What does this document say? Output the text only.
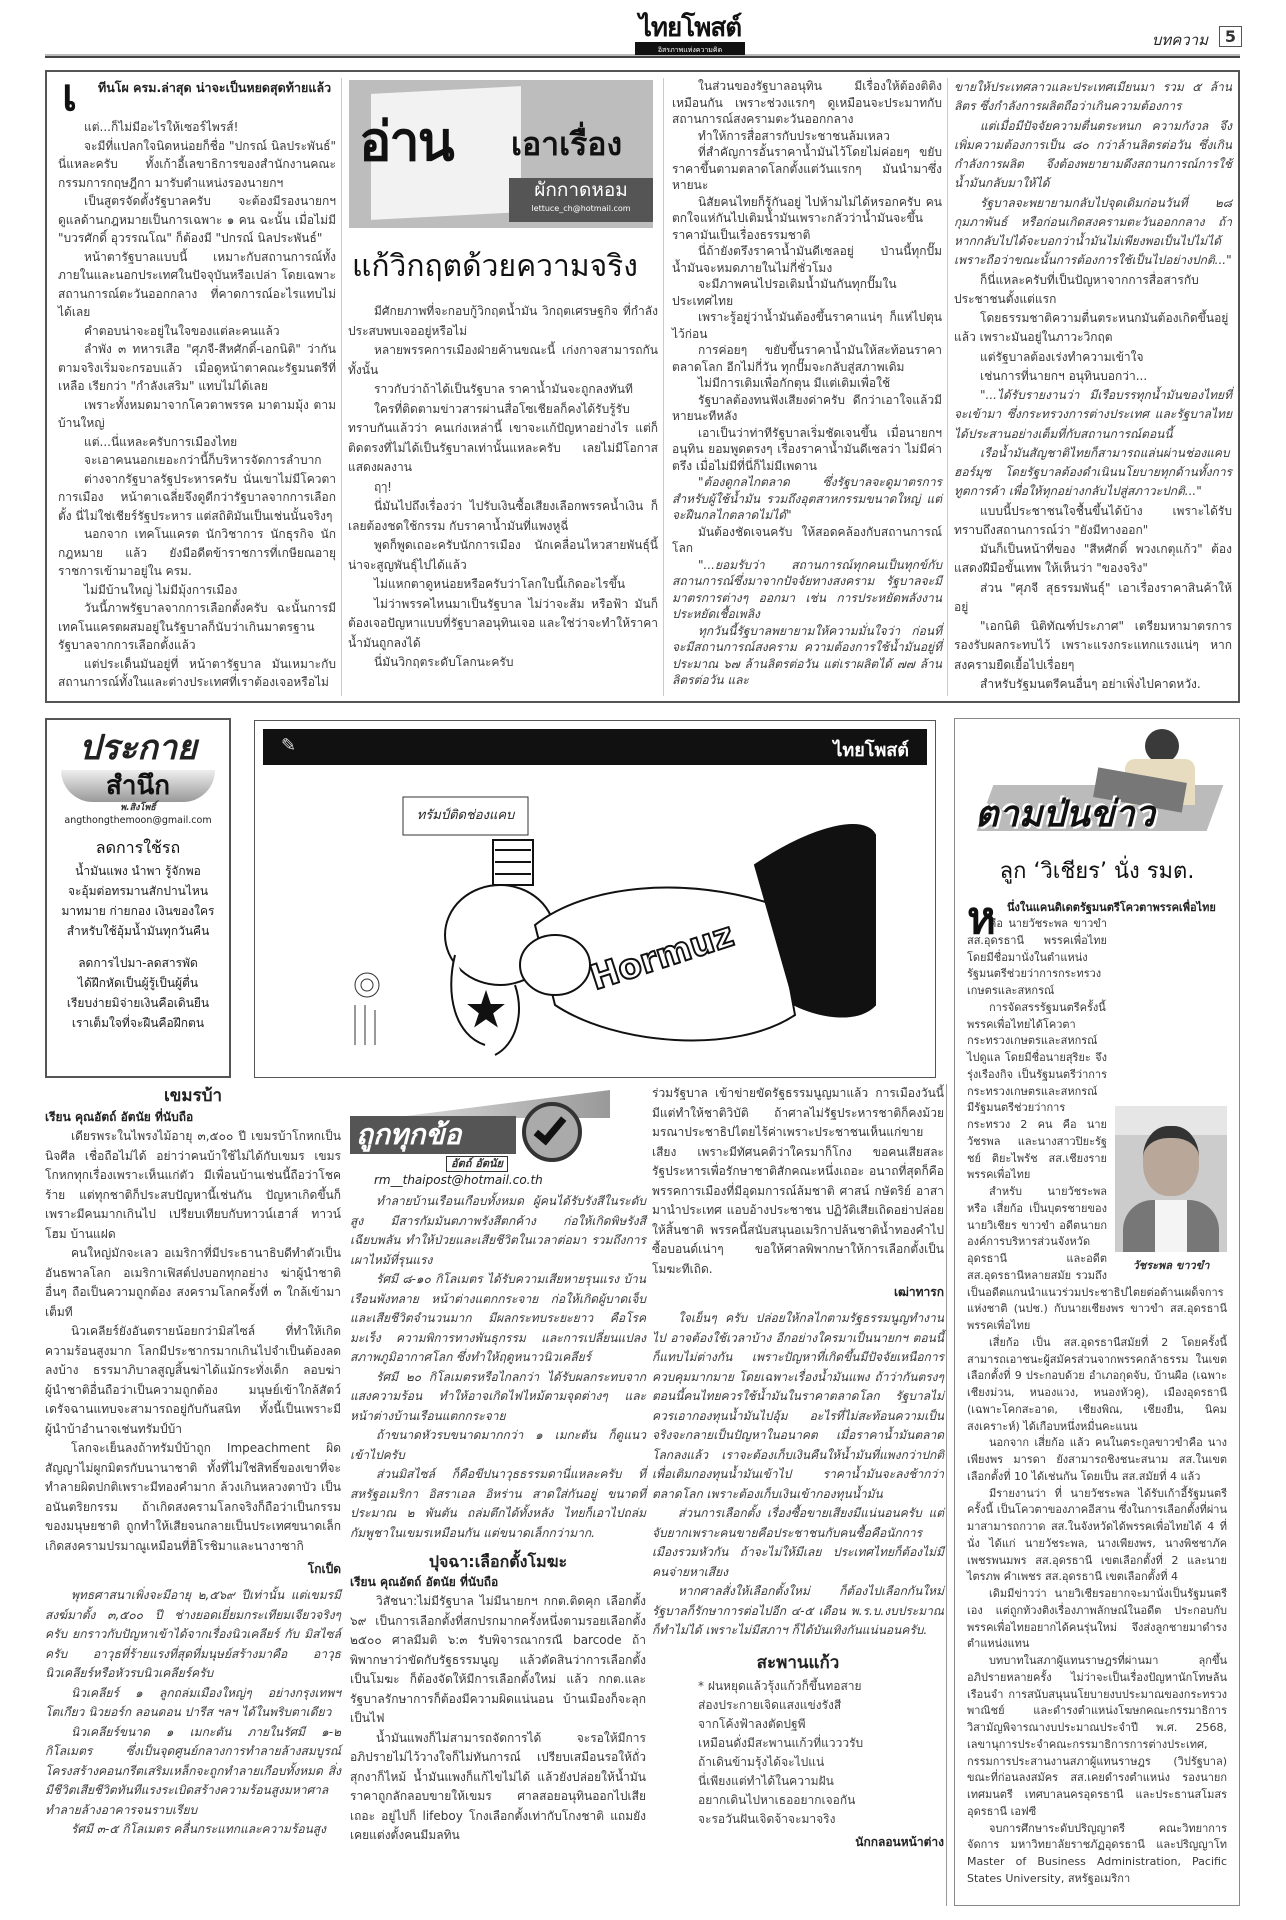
ไทยโพสต์
อิสรภาพแห่งความคิด
บทความ	5
เ ทีนโผ ครม.ล่าสุด น่าจะเป็นหยดสุดท้ายแล้ว

แต่...ก็ไม่มีอะไรให้เซอร์ไพรส์!

จะมีที่แปลกใจนิดหน่อยก็ชื่อ "ปกรณ์ นิลประพันธ์" นี่แหละครับ ทั้งเก้าอี้เลขาธิการของสำนักงานคณะกรรมการกฤษฎีกา มารับตำแหน่งรองนายกฯ

เป็นสูตรจัดตั้งรัฐบาลครับ จะต้องมีรองนายกฯ ดูแลด้านกฎหมายเป็นการเฉพาะ ๑ คน ฉะนั้น เมื่อไม่มี "บวรศักดิ์ อุวรรณโณ" ก็ต้องมี "ปกรณ์ นิลประพันธ์"

หน้าตารัฐบาลแบบนี้ เหมาะกับสถานการณ์ทั้งภายในและนอกประเทศในปัจจุบันหรือเปล่า โดยเฉพาะสถานการณ์ตะวันออกกลาง ที่คาดการณ์อะไรแทบไม่ได้เลย

คำตอบน่าจะอยู่ในใจของแต่ละคนแล้ว

ลำพัง ๓ ทหารเสือ "ศุภจี-สีหศักดิ์-เอกนิติ" ว่ากันตามจริงเริ่มจะกรอบแล้ว เมื่อดูหน้าตาคณะรัฐมนตรีที่เหลือ เรียกว่า "กำลังเสริม" แทบไม่ได้เลย

เพราะทั้งหมดมาจากโควตาพรรค มาตามมุ้ง ตามบ้านใหญ่

แต่...นี่แหละครับการเมืองไทย

จะเอาคนนอกเยอะกว่านี้ก็บริหารจัดการลำบาก

ต่างจากรัฐบาลรัฐประหารครับ นั่นเขาไม่มีโควตาการเมือง หน้าตาเฉลี่ยจึงดูดีกว่ารัฐบาลจากการเลือกตั้ง นี่ไม่ใช่เชียร์รัฐประหาร แต่สถิติมันเป็นเช่นนั้นจริงๆ

นอกจาก เทคโนแครต นักวิชาการ นักธุรกิจ นักกฎหมาย แล้ว ยังมีอดีตข้าราชการที่เกษียณอายุราชการเข้ามาอยู่ใน ครม.

ไม่มีบ้านใหญ่ ไม่มีมุ้งการเมือง

วันนี้ภาพรัฐบาลจากการเลือกตั้งครับ ฉะนั้นการมีเทคโนแครตผสมอยู่ในรัฐบาลก็นับว่าเกินมาตรฐานรัฐบาลจากการเลือกตั้งแล้ว

แต่ประเด็นมันอยู่ที่ หน้าตารัฐบาล มันเหมาะกับสถานการณ์ทั้งในและต่างประเทศที่เราต้องเจอหรือไม่

อ่าน เอาเรื่อง
ผักกาดหอม
lettuce_ch@hotmail.com
แก้วิกฤตด้วยความจริง

มีศักยภาพที่จะกอบกู้วิกฤตน้ำมัน วิกฤตเศรษฐกิจ ที่กำลังประสบพบเจออยู่หรือไม่

หลายพรรคการเมืองฝ่ายค้านขณะนี้ เก่งกาจสามารถกันทั้งนั้น

ราวกับว่าถ้าได้เป็นรัฐบาล ราคาน้ำมันจะถูกลงทันที

ใครที่ติดตามข่าวสารผ่านสื่อโซเชียลก็คงได้รับรู้รับทราบกันแล้วว่า คนเก่งเหล่านี้ เขาจะแก้ปัญหาอย่างไร แต่ก็ติดตรงที่ไม่ได้เป็นรัฐบาลเท่านั้นแหละครับ เลยไม่มีโอกาสแสดงผลงาน

ฤๅ!

นี่มันไปถึงเรื่องว่า ไปรับเงินซื้อเสียงเลือกพรรคน้ำเงิน ก็เลยต้องชดใช้กรรม กับราคาน้ำมันที่แพงหูฉี่

พูดก็พูดเถอะครับนักการเมือง นักเคลื่อนไหวสายพันธุ์นี้ น่าจะสูญพันธุ์ไปได้แล้ว

ไม่แหกตาดูหน่อยหรือครับว่าโลกใบนี้เกิดอะไรขึ้น

ไม่ว่าพรรคไหนมาเป็นรัฐบาล ไม่ว่าจะส้ม หรือฟ้า มันก็ต้องเจอปัญหาแบบที่รัฐบาลอนุทินเจอ และใช่ว่าจะทำให้ราคาน้ำมันถูกลงได้

นี่มันวิกฤตระดับโลกนะครับ

ในส่วนของรัฐบาลอนุทิน มีเรื่องให้ต้องติติงเหมือนกัน เพราะช่วงแรกๆ ดูเหมือนจะประมาทกับสถานการณ์สงครามตะวันออกกลาง

ทำให้การสื่อสารกับประชาชนล้มเหลว

ที่สำคัญการอั้นราคาน้ำมันไว้โดยไม่ค่อยๆ ขยับราคาขึ้นตามตลาดโลกตั้งแต่วันแรกๆ มันนำมาซึ่งหายนะ

นิสัยคนไทยก็รู้กันอยู่ ไปห้ามไม่ได้หรอกครับ คนตกใจแห่กันไปเติมน้ำมันเพราะกลัวว่าน้ำมันจะขึ้นราคามันเป็นเรื่องธรรมชาติ

นี่ถ้ายังตรึงราคาน้ำมันดีเซลอยู่ ป่านนี้ทุกปั๊มน้ำมันจะหมดภายในไม่กี่ชั่วโมง

จะมีภาพคนไปรอเติมน้ำมันกันทุกปั๊มในประเทศไทย

เพราะรู้อยู่ว่าน้ำมันต้องขึ้นราคาแน่ๆ ก็แห่ไปตุนไว้ก่อน

การค่อยๆ ขยับขึ้นราคาน้ำมันให้สะท้อนราคาตลาดโลก อีกไม่กี่วัน ทุกปั๊มจะกลับสู่สภาพเดิม

ไม่มีการเติมเพื่อกักตุน มีแต่เติมเพื่อใช้

รัฐบาลต้องทนฟังเสียงด่าครับ ดีกว่าเอาใจแล้วมีหายนะทีหลัง

เอาเป็นว่าท่าทีรัฐบาลเริ่มชัดเจนขึ้น เมื่อนายกฯ อนุทิน ยอมพูดตรงๆ เรื่องราคาน้ำมันดีเซลว่า ไม่มีค่าตรึง เมื่อไม่มีที่นี่ก็ไม่มีเพดาน

"ต้องดูกลไกตลาด ซึ่งรัฐบาลจะดูมาตรการสำหรับผู้ใช้น้ำมัน รวมถึงอุตสาหกรรมขนาดใหญ่ แต่จะฝืนกลไกตลาดไม่ได้"

มันต้องชัดเจนครับ ให้สอดคล้องกับสถานการณ์โลก

"...ยอมรับว่า สถานการณ์ทุกคนเป็นทุกข์กับสถานการณ์ซึ่งมาจากปัจจัยทางสงคราม รัฐบาลจะมีมาตรการต่างๆ ออกมา เช่น การประหยัดพลังงาน ประหยัดเชื้อเพลิง

ทุกวันนี้รัฐบาลพยายามให้ความมั่นใจว่า ก่อนที่จะมีสถานการณ์สงคราม ความต้องการใช้น้ำมันอยู่ที่ประมาณ ๖๗ ล้านลิตรต่อวัน แต่เราผลิตได้ ๗๗ ล้านลิตรต่อวัน และ

ขายให้ประเทศลาวและประเทศเมียนมา รวม ๕ ล้านลิตร ซึ่งกำลังการผลิตถือว่าเกินความต้องการ

แต่เมื่อมีปัจจัยความตื่นตระหนก ความกังวล จึงเพิ่มความต้องการเป็น ๘๐ กว่าล้านลิตรต่อวัน ซึ่งเกินกำลังการผลิต จึงต้องพยายามดึงสถานการณ์การใช้น้ำมันกลับมาให้ได้

รัฐบาลจะพยายามกลับไปจุดเดิมก่อนวันที่ ๒๘ กุมภาพันธ์ หรือก่อนเกิดสงครามตะวันออกกลาง ถ้าหากกลับไปได้จะบอกว่าน้ำมันไม่เพียงพอเป็นไปไม่ได้ เพราะถือว่าขณะนั้นการต้องการใช้เป็นไปอย่างปกติ..."

ก็นี่แหละครับที่เป็นปัญหาจากการสื่อสารกับประชาชนตั้งแต่แรก

โดยธรรมชาติความตื่นตระหนกมันต้องเกิดขึ้นอยู่แล้ว เพราะมันอยู่ในภาวะวิกฤต

แต่รัฐบาลต้องเร่งทำความเข้าใจ

เช่นการที่นายกฯ อนุทินบอกว่า...

"...ได้รับรายงานว่า มีเรือบรรทุกน้ำมันของไทยที่จะเข้ามา ซึ่งกระทรวงการต่างประเทศ และรัฐบาลไทยได้ประสานอย่างเต็มที่กับสถานการณ์ตอนนี้

เรือน้ำมันสัญชาติไทยก็สามารถแล่นผ่านช่องแคบฮอร์มุซ โดยรัฐบาลต้องดำเนินนโยบายทุกด้านทั้งการทูตการค้า เพื่อให้ทุกอย่างกลับไปสู่สภาวะปกติ..."

แบบนี้ประชาชนใจชื้นขึ้นได้บ้าง เพราะได้รับทราบถึงสถานการณ์ว่า "ยังมีทางออก"

มันก็เป็นหน้าที่ของ "สีหศักดิ์ พวงเกตุแก้ว" ต้องแสดงฝีมือขั้นเทพ ให้เห็นว่า "ของจริง"

ส่วน "ศุภจี สุธรรมพันธุ์" เอาเรื่องราคาสินค้าให้อยู่

"เอกนิติ นิติทัณฑ์ประภาศ" เตรียมหามาตรการรองรับผลกระทบไว้ เพราะแรงกระแทกแรงแน่ๆ หากสงครามยืดเยื้อไปเรื่อยๆ

สำหรับรัฐมนตรีคนอื่นๆ อย่าเพิ่งไปคาดหวัง.

ประกาย
สำนึก
พ.สิงโพธิ์
angthongthemoon@gmail.com
ลดการใช้รถ
น้ำมันแพง นำพา รู้จักพอ
จะอุ้มต่อทรมานสักปานไหน
มาทมาย ก่ายกอง เงินของใคร
สำหรับใช้อุ้มน้ำมันทุกวันคืน
ลดการไปมา-ลดสารพัด
ได้ฝึกหัดเป็นผู้รู้เป็นผู้ตื่น
เรียบง่ายมิจ่ายเงินคือเดินยืน
เราเต็มใจที่จะฝืนคือฝึกตน
✎	ไทยโพสต์
Hormuz
ทรัมป์ติดช่องแคบ	ตามป่นข่าว
ลูก ‘วิเชียร’ นั่ง รมต.
ห นึ่งในแคนดิเดตรัฐมนตรีโควตาพรรคเพื่อไทย
วัชระพล ขาวขำ

คือ นายวัชระพล ขาวขำ สส.อุดรธานี พรรคเพื่อไทย โดยมีชื่อมานั่งในตำแหน่งรัฐมนตรีช่วยว่าการกระทรวงเกษตรและสหกรณ์

การจัดสรรรัฐมนตรีครั้งนี้ พรรคเพื่อไทยได้โควตากระทรวงเกษตรและสหกรณ์ไปดูแล โดยมีชื่อนายสุริยะ จึงรุ่งเรืองกิจ เป็นรัฐมนตรีว่าการกระทรวงเกษตรและสหกรณ์ มีรัฐมนตรีช่วยว่าการกระทรวง 2 คน คือ นายวัชรพล และนางสาวปิยะรัฐชย์ ติยะไพรัช สส.เชียงราย พรรคเพื่อไทย

สำหรับ นายวัชระพล หรือ เสี่ยก้อ เป็นบุตรชายของนายวิเชียร ขาวขำ อดีตนายกองค์การบริหารส่วนจังหวัดอุดรธานี และอดีต สส.อุดรธานีหลายสมัย รวมถึงเป็นอดีตแกนนำแนวร่วมประชาธิปไตยต่อต้านเผด็จการแห่งชาติ (นปช.) กับนายเชียงพร ขาวขำ สส.อุดรธานี พรรคเพื่อไทย

เสี่ยก้อ เป็น สส.อุดรธานีสมัยที่ 2 โดยครั้งนี้สามารถเอาชนะผู้สมัครส่วนจากพรรคกล้าธรรม ในเขตเลือกตั้งที่ 9 ประกอบด้วย อำเภอกุดจับ, บ้านผือ (เฉพาะเชียงม่วน, หนองแวง, หนองหัวคู), เมืองอุดรธานี (เฉพาะโคกสะอาด, เชียงพิณ, เชียงยืน, นิคมสงเคราะห์) ได้เกือบหนึ่งหมื่นคะแนน

นอกจาก เสี่ยก้อ แล้ว คนในตระกูลขาวขำคือ นางเพียงพร มารดา ยังสามารถชิงชนะสนาม สส.ในเขตเลือกตั้งที่ 10 ได้เช่นกัน โดยเป็น สส.สมัยที่ 4 แล้ว

มีรายงานว่า ที่ นายวัชระพล ได้รับเก้าอี้รัฐมนตรีครั้งนี้ เป็นโควตาของภาคอีสาน ซึ่งในการเลือกตั้งที่ผ่านมาสามารถกวาด สส.ในจังหวัดได้พรรคเพื่อไทยได้ 4 ที่นั่ง ได้แก่ นายวัชระพล, นางเพียงพร, นางพิชชาภัค เพชรพนมพร สส.อุดรธานี เขตเลือกตั้งที่ 2 และนายไตรภพ คำเพชร สส.อุดรธานี เขตเลือกตั้งที่ 4

เดิมมีข่าวว่า นายวิเชียรอยากจะมานั่งเป็นรัฐมนตรีเอง แต่ถูกท้วงติงเรื่องภาพลักษณ์ในอดีต ประกอบกับพรรคเพื่อไทยอยากได้คนรุ่นใหม่ จึงส่งลูกชายมาดำรงตำแหน่งแทน

บทบาทในสภาผู้แทนราษฎรที่ผ่านมา ลุกขึ้นอภิปรายหลายครั้ง ไม่ว่าจะเป็นเรื่องปัญหานักโทษล้นเรือนจำ การสนับสนุนนโยบายงบประมาณของกระทรวงพาณิชย์ และดำรงตำแหน่งโฆษกคณะกรรมาธิการวิสามัญพิจารณางบประมาณประจำปี พ.ศ. 2568, เลขานุการประจำคณะกรรมาธิการการต่างประเทศ, กรรมการประสานงานสภาผู้แทนราษฎร (วิปรัฐบาล) ขณะที่ก่อนลงสมัคร สส.เคยดำรงตำแหน่ง รองนายกเทศมนตรี เทศบาลนครอุดรธานี และประธานสโมสรอุดรธานี เอฟซี

จบการศึกษาระดับปริญญาตรี คณะวิทยาการจัดการ มหาวิทยาลัยราชภัฏอุดรธานี และปริญญาโท Master of Business Administration, Pacific States University, สหรัฐอเมริกา

เขมรบ้า
เรียน คุณอัตถ์ อัตนัย ที่นับถือ

เดียรพระในไพรงไม้อายุ ๓,๕๐๐ ปี เขมรบ้าโกหกเป็นนิจศีล เชื่อถือไม่ได้ อย่าว่าคนบ้าใช้ไม่ได้กับเขมร เขมรโกหกทุกเรื่องเพราะเห็นแก่ตัว มีเพื่อนบ้านเช่นนี้ถือว่าโชคร้าย แต่ทุกชาติก็ประสบปัญหานี้เช่นกัน ปัญหาเกิดขึ้นก็เพราะมีคนมากเกินไป เปรียบเทียบกับทาวน์เฮาส์ ทาวน์โฮม บ้านแฝด

คนใหญ่มักจะเลว อเมริกาที่มีประธานาธิบดีทำตัวเป็นอันธพาลโลก อเมริกาเฟิสต์ปงบอกทุกอย่าง ฆ่าผู้นำชาติอื่นๆ ถือเป็นความถูกต้อง สงครามโลกครั้งที่ ๓ ใกล้เข้ามาเต็มที

นิวเคลียร์ยังอันตรายน้อยกว่ามิสไซล์ ที่ทำให้เกิดความร้อนสูงมาก โลกมีประชากรมากเกินไปจำเป็นต้องลดลงบ้าง ธรรมาภิบาลสูญสิ้นฆ่าได้แม้กระทั่งเด็ก ลอบฆ่าผู้นำชาติอื่นถือว่าเป็นความถูกต้อง มนุษย์เข้าใกล้สัตว์เดรัจฉานแทบจะสามารถอยู่กับกันสนิท ทั้งนี้เป็นเพราะมีผู้นำบ้าอำนาจเช่นทรัมป์บ้า

โลกจะเย็นลงถ้าทรัมป์บ้าถูก Impeachment ผิดสัญญาไม่ผูกมิตรกับนานาชาติ ทั้งที่ไม่ใช่สิทธิ์ของเขาที่จะทำลายผิดปกติเพราะมีทองคำมาก ล้วงเกินหลวงตาบัว เป็นอนันตริยกรรม ถ้าเกิดสงครามโลกจริงก็ถือว่าเป็นกรรมของมนุษยชาติ ถูกทำให้เสียจนกลายเป็นประเทศขนาดเล็กเกิดสงครามปรมาณูเหมือนที่ฮิโรชิมาและนางาซากิ

โกเป็ด

พุทธศาสนาเพิ่งจะมีอายุ ๒,๕๖๙ ปีเท่านั้น แต่เขมรมีสงฆ์มาตั้ง ๓,๕๐๐ ปี ช่างยอดเยี่ยมกระเทียมเจียวจริงๆ ครับ ยกราวกับปัญหาเข้าได้จากเรื่องนิวเคลียร์ กับ มิสไซล์ ครับ อาวุธที่ร้ายแรงที่สุดที่มนุษย์สร้างมาคือ อาวุธนิวเคลียร์หรือหัวรบนิวเคลียร์ครับ

นิวเคลียร์ ๑ ลูกถล่มเมืองใหญ่ๆ อย่างกรุงเทพฯ โตเกียว นิวยอร์ก ลอนดอน ปารีส ฯลฯ ได้ในพริบตาเดียว

นิวเคลียร์ขนาด ๑ เมกะตัน ภายในรัศมี ๑-๒ กิโลเมตร ซึ่งเป็นจุดศูนย์กลางการทำลายล้างสมบูรณ์ โครงสร้างคอนกรีตเสริมเหล็กจะถูกทำลายเกือบทั้งหมด สิ่งมีชีวิตเสียชีวิตทันทีแรงระเบิดสร้างความร้อนสูงมหาศาลทำลายล้างอาคารจนราบเรียบ

รัศมี ๓-๕ กิโลเมตร คลื่นกระแทกและความร้อนสูง

ถูกทุกข้อ
อัตถ์ อัตนัย
rm__thaipost@hotmail.co.th

ทำลายบ้านเรือนเกือบทั้งหมด ผู้คนได้รับรังสีในระดับสูง มีสารกัมมันตภาพรังสีตกค้าง ก่อให้เกิดพิษรังสีเฉียบพลัน ทำให้ป่วยและเสียชีวิตในเวลาต่อมา รวมถึงการเผาไหม้ที่รุนแรง

รัศมี ๘-๑๐ กิโลเมตร ได้รับความเสียหายรุนแรง บ้านเรือนพังทลาย หน้าต่างแตกกระจาย ก่อให้เกิดผู้บาดเจ็บและเสียชีวิตจำนวนมาก มีผลกระทบระยะยาว คือโรคมะเร็ง ความพิการทางพันธุกรรม และการเปลี่ยนแปลงสภาพภูมิอากาศโลก ซึ่งทำให้ฤดูหนาวนิวเคลียร์

รัศมี ๒๐ กิโลเมตรหรือไกลกว่า ได้รับผลกระทบจากแสงความร้อน ทำให้อาจเกิดไฟไหม้ตามจุดต่างๆ และหน้าต่างบ้านเรือนแตกกระจาย

ถ้าขนาดหัวรบขนาดมากกว่า ๑ เมกะตัน ก็ดูแนวเข้าไปครับ

ส่วนมิสไซล์ ก็คือขีปนาวุธธรรมดานี่แหละครับ ที่สหรัฐอเมริกา อิสราเอล อิหร่าน สาดใส่กันอยู่ ขนาดที่ประมาณ ๒ พันตัน ถล่มตึกได้ทั้งหลัง ไทยก็เอาไปถล่มกัมพูชาในเขมรเหมือนกัน แต่ขนาดเล็กกว่ามาก.

ปุจฉา:เลือกตั้งโมฆะ
เรียน คุณอัตถ์ อัตนัย ที่นับถือ

วิสัชนา:ไม่มีรัฐบาล ไม่มีนายกฯ กกต.ติดคุก เลือกตั้ง ๖๙ เป็นการเลือกตั้งที่สกปรกมากครั้งหนึ่งตามรอยเลือกตั้ง ๒๕๐๐ ศาลมีมติ ๖:๓ รับพิจารณากรณี barcode ถ้าพิพากษาว่าขัดกับรัฐธรรมนูญ แล้วตัดสินว่าการเลือกตั้งเป็นโมฆะ ก็ต้องจัดให้มีการเลือกตั้งใหม่ แล้ว กกต.และรัฐบาลรักษาการก็ต้องมีความผิดแน่นอน บ้านเมืองก็จะลุกเป็นไฟ

น้ำมันแพงก็ไม่สามารถจัดการได้ จะรอให้มีการอภิปรายไม่ไว้วางใจก็ไม่ทันการณ์ เปรียบเสมือนรอให้ถั่วสุกงาก็ไหม้ น้ำมันแพงก็แก้ไขไม่ได้ แล้วยังปล่อยให้น้ำมันราคาถูกลักลอบขายให้เขมร ศาลสอยอนุทินออกไปเสียเถอะ อยู่ไปก็ lifeboy โกงเลือกตั้งเท่ากับโกงชาติ แถมยังเคยแต่งตั้งคนมีมลทิน

ร่วมรัฐบาล เข้าข่ายขัดรัฐธรรมนูญมาแล้ว การเมืองวันนี้มีแต่ทำให้ชาติวิบัติ ถ้าศาลไม่รัฐประหารชาติก็คงม้วยมรณาประชาธิปไตยไร้ค่าเพราะประชาชนเห็นแก่ขายเสียง เพราะมีทัศนคติว่าใครมาก็โกง ขอคนเสียสละรัฐประหารเพื่อรักษาชาติสักคณะหนึ่งเถอะ อนาถที่สุดก็คือพรรคการเมืองที่มีอุดมการณ์ล้มชาติ ศาสน์ กษัตริย์ อาสามานำประเทศ แอบอ้างประชาชน ปฏิวัติเสียเถิดอย่าปล่อยให้สิ้นชาติ พรรคนี้สนับสนุนอเมริกาปล้นชาติน้ำทองคำไปซื้อบอนด์เน่าๆ ขอให้ศาลพิพากษาให้การเลือกตั้งเป็นโมฆะทีเถิด.

เฒ่าทารก

ใจเย็นๆ ครับ ปล่อยให้กลไกตามรัฐธรรมนูญทำงานไป อาจต้องใช้เวลาบ้าง อีกอย่างใครมาเป็นนายกฯ ตอนนี้ก็แทบไม่ต่างกัน เพราะปัญหาที่เกิดขึ้นมีปัจจัยเหนือการควบคุมมากมาย โดยเฉพาะเรื่องน้ำมันแพง ถ้าว่ากันตรงๆ ตอนนี้คนไทยควรใช้น้ำมันในราคาตลาดโลก รัฐบาลไม่ควรเอากองทุนน้ำมันไปอุ้ม อะไรที่ไม่สะท้อนความเป็นจริงจะกลายเป็นปัญหาในอนาคต เมื่อราคาน้ำมันตลาดโลกลงแล้ว เราจะต้องเก็บเงินคืนให้น้ำมันที่แพงกว่าปกติเพื่อเติมกองทุนน้ำมันเข้าไป ราคาน้ำมันจะลงช้ากว่าตลาดโลก เพราะต้องเก็บเงินเข้ากองทุนน้ำมัน

ส่วนการเลือกตั้ง เรื่องซื้อขายเสียงมีแน่นอนครับ แต่จับยากเพราะคนขายคือประชาชนกับคนซื้อคือนักการเมืองรวมหัวกัน ถ้าจะไม่ให้มีเลย ประเทศไทยก็ต้องไม่มีคนจ่ายหาเสียง

หากศาลสั่งให้เลือกตั้งใหม่ ก็ต้องไปเลือกกันใหม่ รัฐบาลก็รักษาการต่อไปอีก ๔-๕ เดือน พ.ร.บ.งบประมาณก็ทำไม่ได้ เพราะไม่มีสภาฯ ก็ได้บันเทิงกันแน่นอนครับ.

สะพานแก้ว
* ฝนหยุดแล้วรุ้งแก้วก็ขึ้นทอสาย
ส่องประกายเจิดแสงแข่งรังสี
จากโค้งฟ้าลงตัดปฐพี
เหมือนดั่งมีสะพานแก้วที่แวววรับ
ถ้าเดินข้ามรุ้งได้จะไปแน่
นี่เพียงแต่ทำได้ในความฝัน
อยากเดินไปหาเธออยากเจอกัน
จะรอวันฝันเจิดจ้าจะมาจริง
นักกลอนหน้าต่าง
